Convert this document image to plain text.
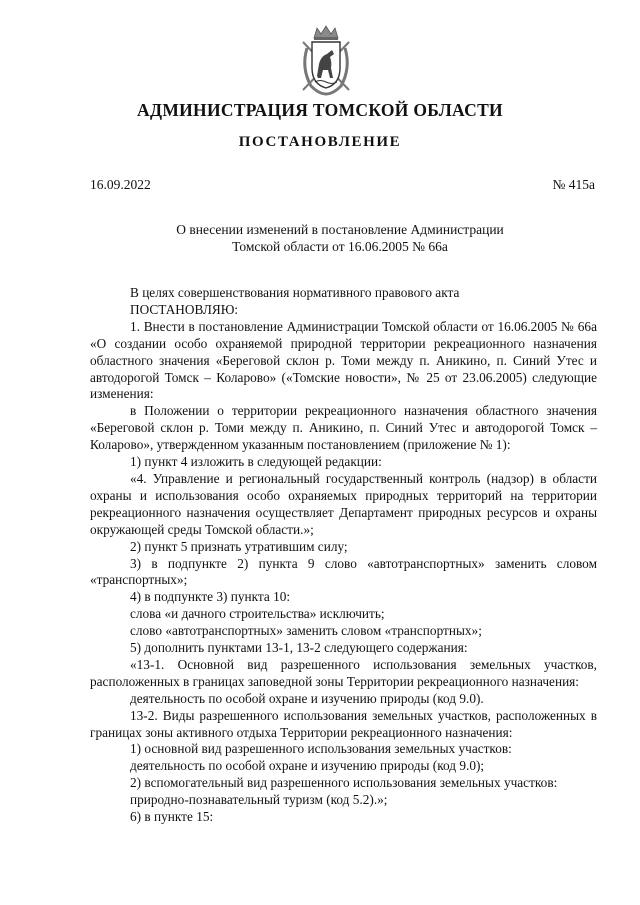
АДМИНИСТРАЦИЯ ТОМСКОЙ ОБЛАСТИ
ПОСТАНОВЛЕНИЕ
16.09.2022	№ 415а
О внесении изменений в постановление Администрации
Томской области от 16.06.2005 № 66а

В целях совершенствования нормативного правового акта

ПОСТАНОВЛЯЮ:

1. Внести в постановление Администрации Томской области от 16.06.2005 № 66а «О создании особо охраняемой природной территории рекреационного назначения областного значения «Береговой склон р. Томи между п. Аникино, п. Синий Утес и автодорогой Томск – Коларово» («Томские новости», № 25 от 23.06.2005) следующие изменения:

в Положении о территории рекреационного назначения областного значения «Береговой склон р. Томи между п. Аникино, п. Синий Утес и автодорогой Томск – Коларово», утвержденном указанным постановлением (приложение № 1):

1) пункт 4 изложить в следующей редакции:

«4. Управление и региональный государственный контроль (надзор) в области охраны и использования особо охраняемых природных территорий на территории рекреационного назначения осуществляет Департамент природных ресурсов и охраны окружающей среды Томской области.»;

2) пункт 5 признать утратившим силу;

3) в подпункте 2) пункта 9 слово «автотранспортных» заменить словом «транспортных»;

4) в подпункте 3) пункта 10:

слова «и дачного строительства» исключить;

слово «автотранспортных» заменить словом «транспортных»;

5) дополнить пунктами 13-1, 13-2 следующего содержания:

«13-1. Основной вид разрешенного использования земельных участков, расположенных в границах заповедной зоны Территории рекреационного назначения:

деятельность по особой охране и изучению природы (код 9.0).

13-2. Виды разрешенного использования земельных участков, расположенных в границах зоны активного отдыха Территории рекреационного назначения:

1) основной вид разрешенного использования земельных участков:

деятельность по особой охране и изучению природы (код 9.0);

2) вспомогательный вид разрешенного использования земельных участков:

природно-познавательный туризм (код 5.2).»;

6) в пункте 15:
